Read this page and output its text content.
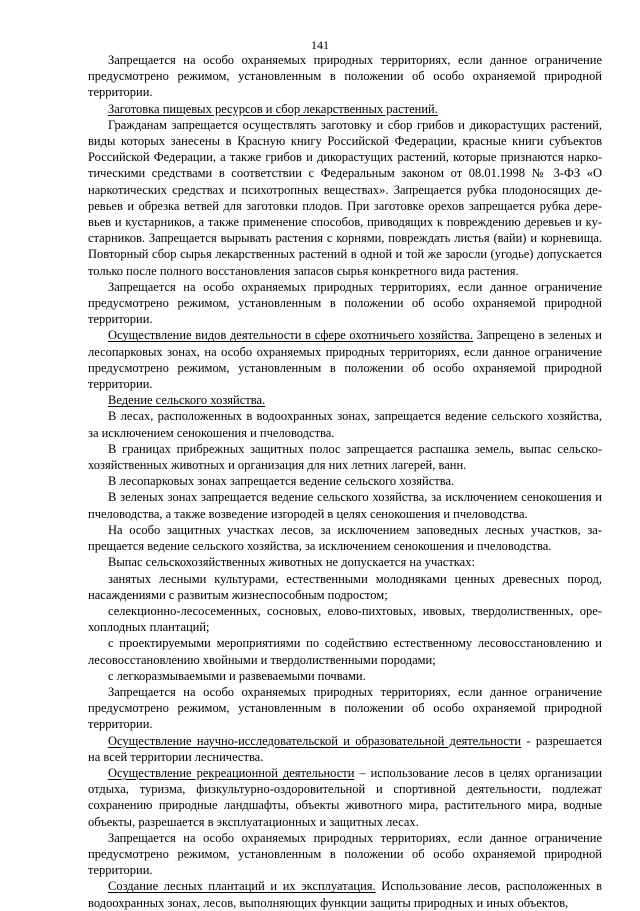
141

Запрещается на особо охраняемых природных территориях, если данное ограничение предусмотрено режимом, установленным в положении об особо охраняемой природной территории.

Заготовка пищевых ресурсов и сбор лекарственных растений.

Гражданам запрещается осуществлять заготовку и сбор грибов и дикорастущих растений, виды которых занесены в Красную книгу Российской Федерации, красные книги субъектов Российской Федерации, а также грибов и дикорастущих растений, которые признаются наркотическими средствами в соответствии с Федеральным законом от 08.01.1998 № 3-ФЗ «О наркотических средствах и психотропных веществах». Запрещается рубка плодоносящих деревьев и обрезка ветвей для заготовки плодов. При заготовке орехов запрещается рубка деревьев и кустарников, а также применение способов, приводящих к повреждению деревьев и кустарников. Запрещается вырывать растения с корнями, повреждать листья (вайи) и корневища. Повторный сбор сырья лекарственных растений в одной и той же заросли (угодье) допускается только после полного восстановления запасов сырья конкретного вида растения.

Запрещается на особо охраняемых природных территориях, если данное ограничение предусмотрено режимом, установленным в положении об особо охраняемой природной территории.

Осуществление видов деятельности в сфере охотничьего хозяйства. Запрещено в зеленых и лесопарковых зонах, на особо охраняемых природных территориях, если данное ограничение предусмотрено режимом, установленным в положении об особо охраняемой природной территории.

Ведение сельского хозяйства.

В лесах, расположенных в водоохранных зонах, запрещается ведение сельского хозяйства, за исключением сенокошения и пчеловодства.

В границах прибрежных защитных полос запрещается распашка земель, выпас сельскохозяйственных животных и организация для них летних лагерей, ванн.

В лесопарковых зонах запрещается ведение сельского хозяйства.

В зеленых зонах запрещается ведение сельского хозяйства, за исключением сенокошения и пчеловодства, а также возведение изгородей в целях сенокошения и пчеловодства.

На особо защитных участках лесов, за исключением заповедных лесных участков, запрещается ведение сельского хозяйства, за исключением сенокошения и пчеловодства.

Выпас сельскохозяйственных животных не допускается на участках:

занятых лесными культурами, естественными молодняками ценных древесных пород, насаждениями с развитым жизнеспособным подростом;

селекционно-лесосеменных, сосновых, елово-пихтовых, ивовых, твердолиственных, орехоплодных плантаций;

с проектируемыми мероприятиями по содействию естественному лесовосстановлению и лесовосстановлению хвойными и твердолиственными породами;

с легкоразмываемыми и развеваемыми почвами.

Запрещается на особо охраняемых природных территориях, если данное ограничение предусмотрено режимом, установленным в положении об особо охраняемой природной территории.

Осуществление научно-исследовательской и образовательной деятельности - разрешается на всей территории лесничества.

Осуществление рекреационной деятельности – использование лесов в целях организации отдыха, туризма, физкультурно-оздоровительной и спортивной деятельности, подлежат сохранению природные ландшафты, объекты животного мира, растительного мира, водные объекты, разрешается в эксплуатационных и защитных лесах.

Запрещается на особо охраняемых природных территориях, если данное ограничение предусмотрено режимом, установленным в положении об особо охраняемой природной территории.

Создание лесных плантаций и их эксплуатация. Использование лесов, расположенных в водоохранных зонах, лесов, выполняющих функции защиты природных и иных объектов,
